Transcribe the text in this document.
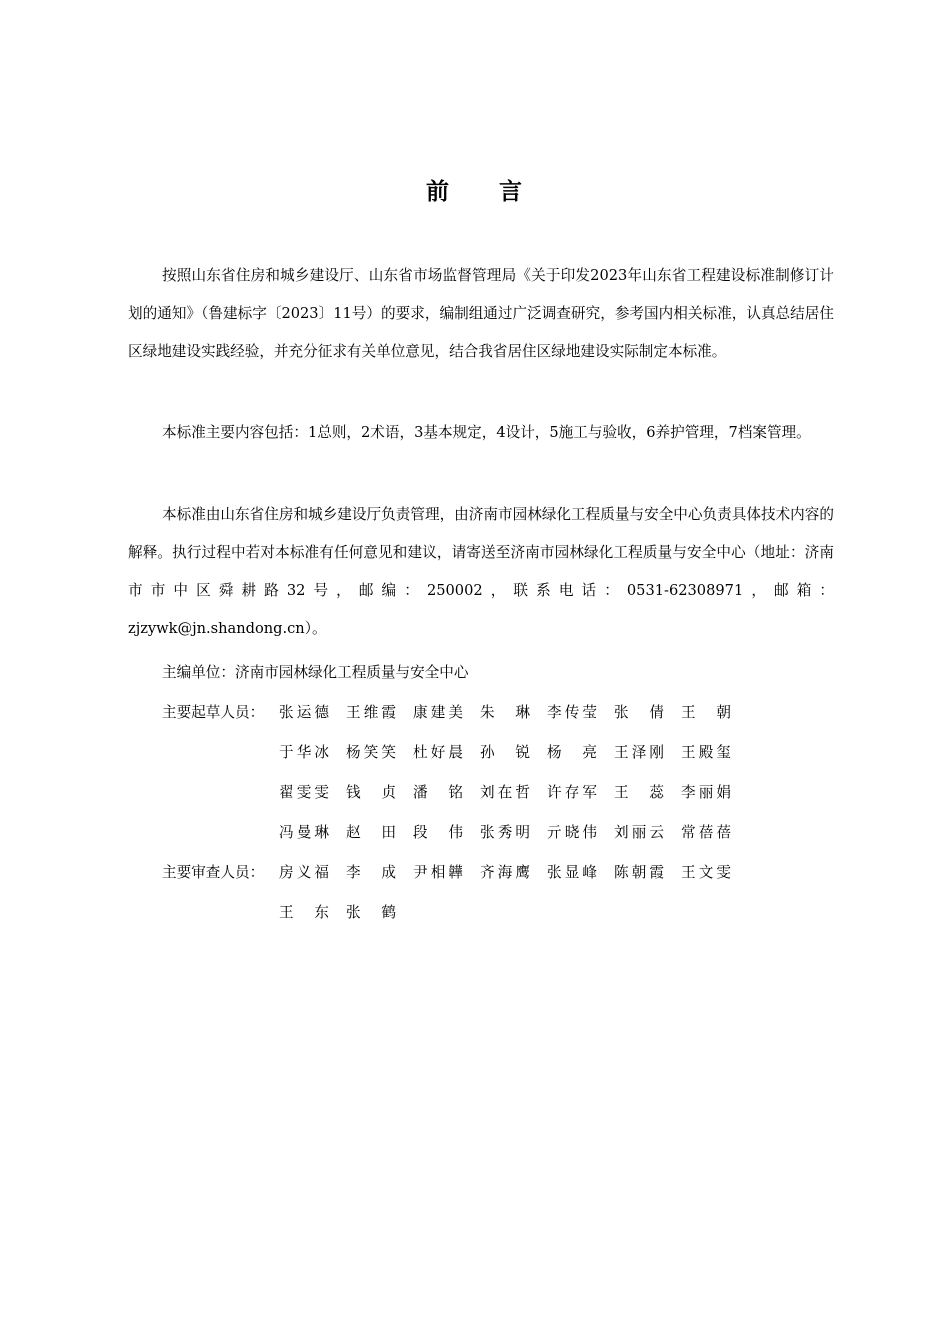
前 言
按照山东省住房和城乡建设厅、山东省市场监督管理局《关于印发2023年山东省工程建设标准制修订计划的通知》（鲁建标字〔2023〕11号）的要求，编制组通过广泛调查研究，参考国内相关标准，认真总结居住区绿地建设实践经验，并充分征求有关单位意见，结合我省居住区绿地建设实际制定本标准。
本标准主要内容包括：1总则，2术语，3基本规定，4设计，5施工与验收，6养护管理，7档案管理。
本标准由山东省住房和城乡建设厅负责管理，由济南市园林绿化工程质量与安全中心负责具体技术内容的解释。执行过程中若对本标准有任何意见和建议，请寄送至济南市园林绿化工程质量与安全中心（地址：济南市市中区舜耕路32号，邮编：250002，联系电话：0531-62308971，邮箱：zjzywk@jn.shandong.cn）。
主编单位：济南市园林绿化工程质量与安全中心
主要起草人员：
主要审查人员：
张 运 德 王 维 霞 康 建 美 朱 琳 李 传 莹 张 倩 王 朝
于 华 冰 杨 笑 笑 杜 好 晨 孙 锐 杨 亮 王 泽 刚 王 殿 玺
翟 雯 雯 钱 贞 潘 铭 刘 在 哲 许 存 军 王 蕊 李 丽 娟
冯 曼 琳 赵 田 段 伟 张 秀 明 亓 晓 伟 刘 丽 云 常 蓓 蓓
房 义 福 李 成 尹 相 韡 齐 海 鹰 张 显 峰 陈 朝 霞 王 文 雯
王 东 张 鹤
